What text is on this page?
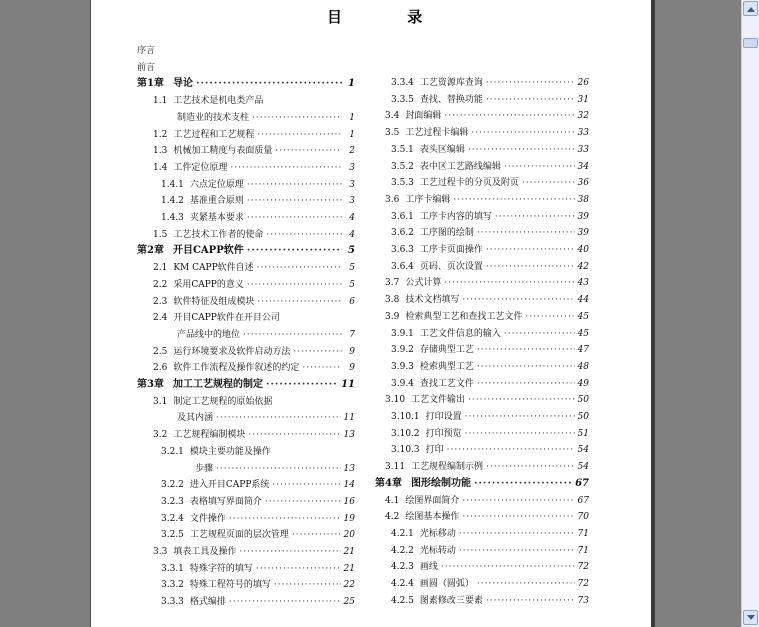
目 录
序言
前言
第1章 导论 ·····	1
1.1 工艺技术是机电类产品
制造业的技术支柱 ·····	1
1.2 工艺过程和工艺规程 ·····	1
1.3 机械加工精度与表面质量 ·····	2
1.4 工件定位原理 ·····	3
1.4.1 六点定位原理 ·····	3
1.4.2 基准重合原则 ·····	3
1.4.3 夹紧基本要求 ·····	4
1.5 工艺技术工作者的使命 ·····	4
第2章 开目CAPP软件 ·····	5
2.1 KM CAPP软件自述 ·····	5
2.2 采用CAPP的意义 ·····	5
2.3 软件特征及组成模块 ·····	6
2.4 开目CAPP软件在开目公司
产品线中的地位 ·····	7
2.5 运行环境要求及软件启动方法 ·····	9
2.6 软件工作流程及操作叙述的约定 ·····	9
第3章 加工工艺规程的制定 ·····	11
3.1 制定工艺规程的原始依据
及其内涵 ·····	11
3.2 工艺规程编制模块 ·····	13
3.2.1 模块主要功能及操作
步骤 ·····	13
3.2.2 进入开目CAPP系统 ·····	14
3.2.3 表格填写界面简介 ·····	16
3.2.4 文件操作 ·····	19
3.2.5 工艺规程页面的层次管理 ·····	20
3.3 填表工具及操作 ·····	21
3.3.1 特殊字符的填写 ·····	21
3.3.2 特殊工程符号的填写 ·····	22
3.3.3 格式编排 ·····	25
3.3.4 工艺资源库查询 ·····	26
3.3.5 查找、替换功能 ·····	31
3.4 封面编辑 ·····	32
3.5 工艺过程卡编辑 ·····	33
3.5.1 表头区编辑 ·····	33
3.5.2 表中区工艺路线编辑 ·····	34
3.5.3 工艺过程卡的分页及附页 ·····	36
3.6 工序卡编辑 ·····	38
3.6.1 工序卡内容的填写 ·····	39
3.6.2 工序图的绘制 ·····	39
3.6.3 工序卡页面操作 ·····	40
3.6.4 页码、页次设置 ·····	42
3.7 公式计算 ·····	43
3.8 技术文档填写 ·····	44
3.9 检索典型工艺和查找工艺文件 ·····	45
3.9.1 工艺文件信息的输入 ·····	45
3.9.2 存储典型工艺 ·····	47
3.9.3 检索典型工艺 ·····	48
3.9.4 查找工艺文件 ·····	49
3.10 工艺文件输出 ·····	50
3.10.1 打印设置 ·····	50
3.10.2 打印预览 ·····	51
3.10.3 打印 ·····	54
3.11 工艺规程编制示例 ·····	54
第4章 图形绘制功能 ·····	67
4.1 绘图界面简介 ·····	67
4.2 绘图基本操作 ·····	70
4.2.1 光标移动 ·····	71
4.2.2 光标转动 ·····	71
4.2.3 画线 ·····	72
4.2.4 画圆（圆弧） ·····	72
4.2.5 图素修改三要素 ·····	73
